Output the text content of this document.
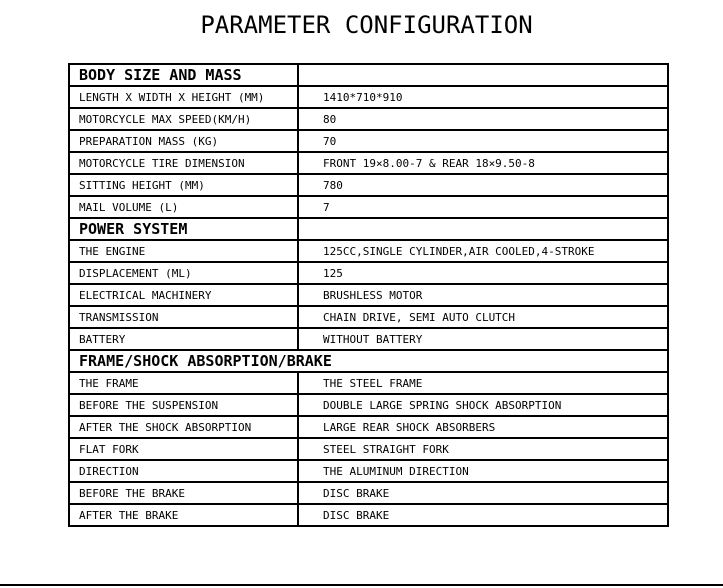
PARAMETER CONFIGURATION
BODY SIZE AND MASS	
LENGTH X WIDTH X HEIGHT (MM)	1410*710*910
MOTORCYCLE MAX SPEED(KM/H)	80
PREPARATION MASS (KG)	70
MOTORCYCLE TIRE DIMENSION	FRONT 19×8.00-7 & REAR 18×9.50-8
SITTING HEIGHT (MM)	780
MAIL VOLUME (L)	7
POWER SYSTEM	
THE ENGINE	125CC,SINGLE CYLINDER,AIR COOLED,4-STROKE
DISPLACEMENT (ML)	125
ELECTRICAL MACHINERY	BRUSHLESS MOTOR
TRANSMISSION	CHAIN DRIVE, SEMI AUTO CLUTCH
BATTERY	WITHOUT BATTERY
FRAME/SHOCK ABSORPTION/BRAKE	
THE FRAME	THE STEEL FRAME
BEFORE THE SUSPENSION	DOUBLE LARGE SPRING SHOCK ABSORPTION
AFTER THE SHOCK ABSORPTION	LARGE REAR SHOCK ABSORBERS
FLAT FORK	STEEL STRAIGHT FORK
DIRECTION	THE ALUMINUM DIRECTION
BEFORE THE BRAKE	DISC BRAKE
AFTER THE BRAKE	DISC BRAKE
